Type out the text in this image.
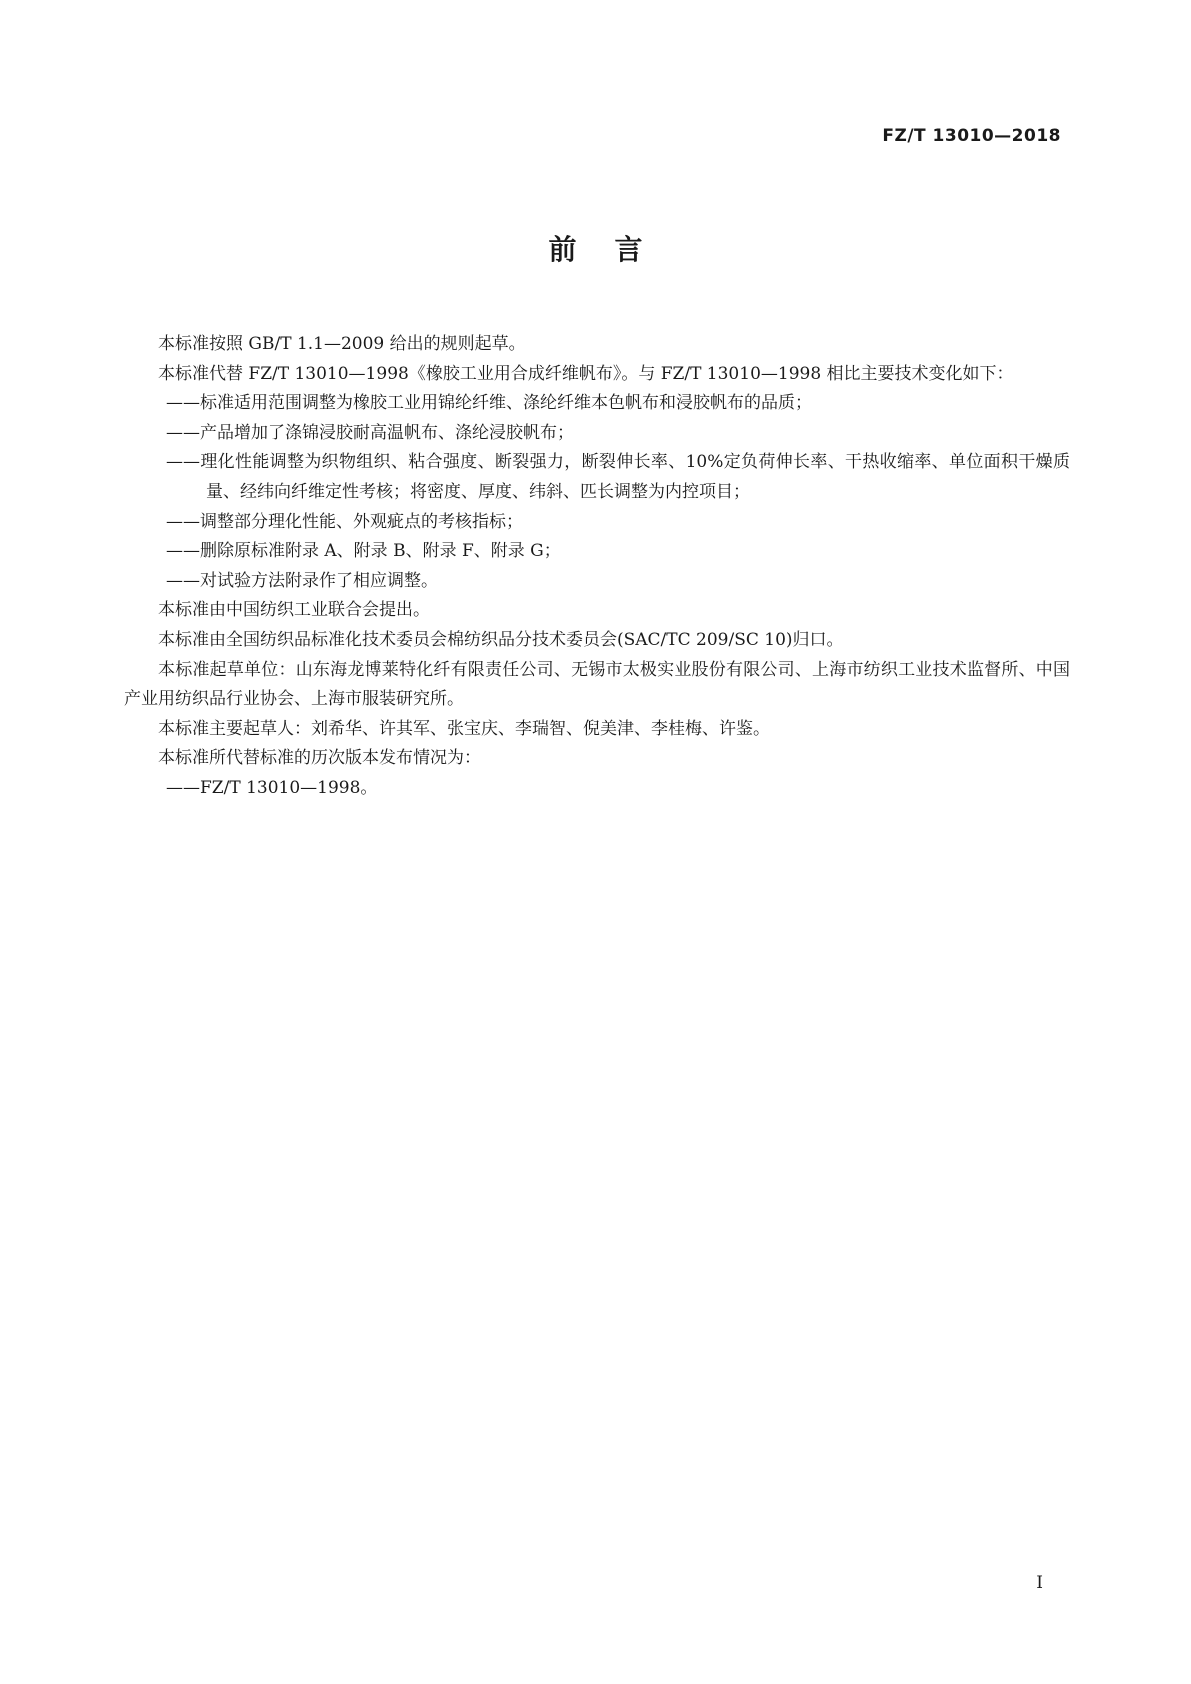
FZ/T 13010—2018
前言

本标准按照 GB/T 1.1—2009 给出的规则起草。

本标准代替 FZ/T 13010—1998《橡胶工业用合成纤维帆布》。与 FZ/T 13010—1998 相比主要技术变化如下：

——标准适用范围调整为橡胶工业用锦纶纤维、涤纶纤维本色帆布和浸胶帆布的品质；

——产品增加了涤锦浸胶耐高温帆布、涤纶浸胶帆布；

——理化性能调整为织物组织、粘合强度、断裂强力，断裂伸长率、10%定负荷伸长率、干热收缩率、单位面积干燥质量、经纬向纤维定性考核；将密度、厚度、纬斜、匹长调整为内控项目；

——调整部分理化性能、外观疵点的考核指标；

——删除原标准附录 A、附录 B、附录 F、附录 G；

——对试验方法附录作了相应调整。

本标准由中国纺织工业联合会提出。

本标准由全国纺织品标准化技术委员会棉纺织品分技术委员会(SAC/TC 209/SC 10)归口。

本标准起草单位：山东海龙博莱特化纤有限责任公司、无锡市太极实业股份有限公司、上海市纺织工业技术监督所、中国产业用纺织品行业协会、上海市服装研究所。

本标准主要起草人：刘希华、许其军、张宝庆、李瑞智、倪美津、李桂梅、许鉴。

本标准所代替标准的历次版本发布情况为：

——FZ/T 13010—1998。

I
